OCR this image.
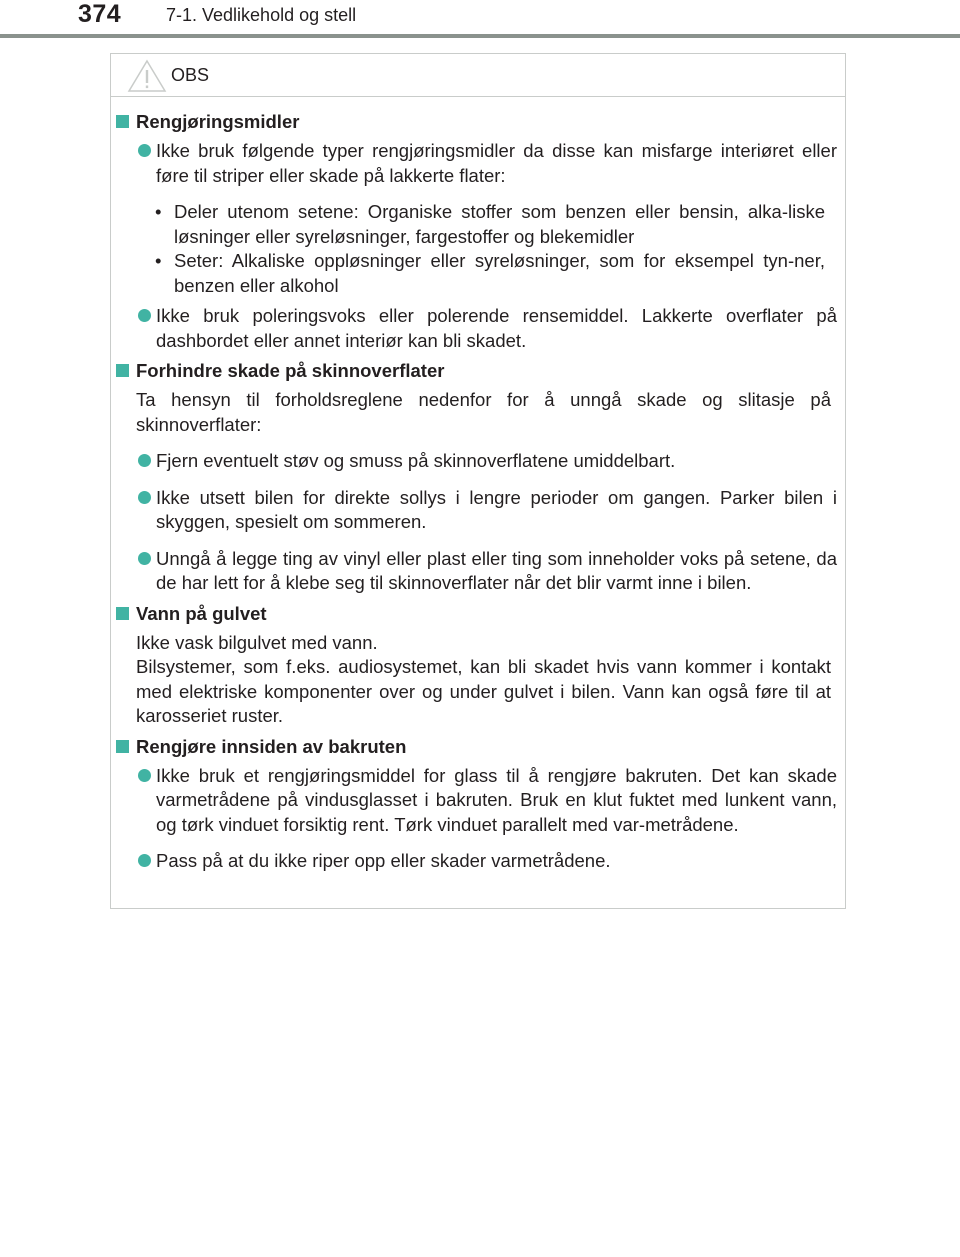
374 7-1. Vedlikehold og stell
OBS
Rengjøringsmidler
Ikke bruk følgende typer rengjøringsmidler da disse kan misfarge interiøret eller føre til striper eller skade på lakkerte flater:
• Deler utenom setene: Organiske stoffer som benzen eller bensin, alka-liske løsninger eller syreløsninger, fargestoffer og blekemidler
• Seter: Alkaliske oppløsninger eller syreløsninger, som for eksempel tyn-ner, benzen eller alkohol
Ikke bruk poleringsvoks eller polerende rensemiddel. Lakkerte overflater på dashbordet eller annet interiør kan bli skadet.
Forhindre skade på skinnoverflater
Ta hensyn til forholdsreglene nedenfor for å unngå skade og slitasje på skinnoverflater:
Fjern eventuelt støv og smuss på skinnoverflatene umiddelbart.
Ikke utsett bilen for direkte sollys i lengre perioder om gangen. Parker bilen i skyggen, spesielt om sommeren.
Unngå å legge ting av vinyl eller plast eller ting som inneholder voks på setene, da de har lett for å klebe seg til skinnoverflater når det blir varmt inne i bilen.
Vann på gulvet
Ikke vask bilgulvet med vann.
Bilsystemer, som f.eks. audiosystemet, kan bli skadet hvis vann kommer i kontakt med elektriske komponenter over og under gulvet i bilen. Vann kan også føre til at karosseriet ruster.
Rengjøre innsiden av bakruten
Ikke bruk et rengjøringsmiddel for glass til å rengjøre bakruten. Det kan skade varmetrådene på vindusglasset i bakruten. Bruk en klut fuktet med lunkent vann, og tørk vinduet forsiktig rent. Tørk vinduet parallelt med var-metrådene.
Pass på at du ikke riper opp eller skader varmetrådene.
